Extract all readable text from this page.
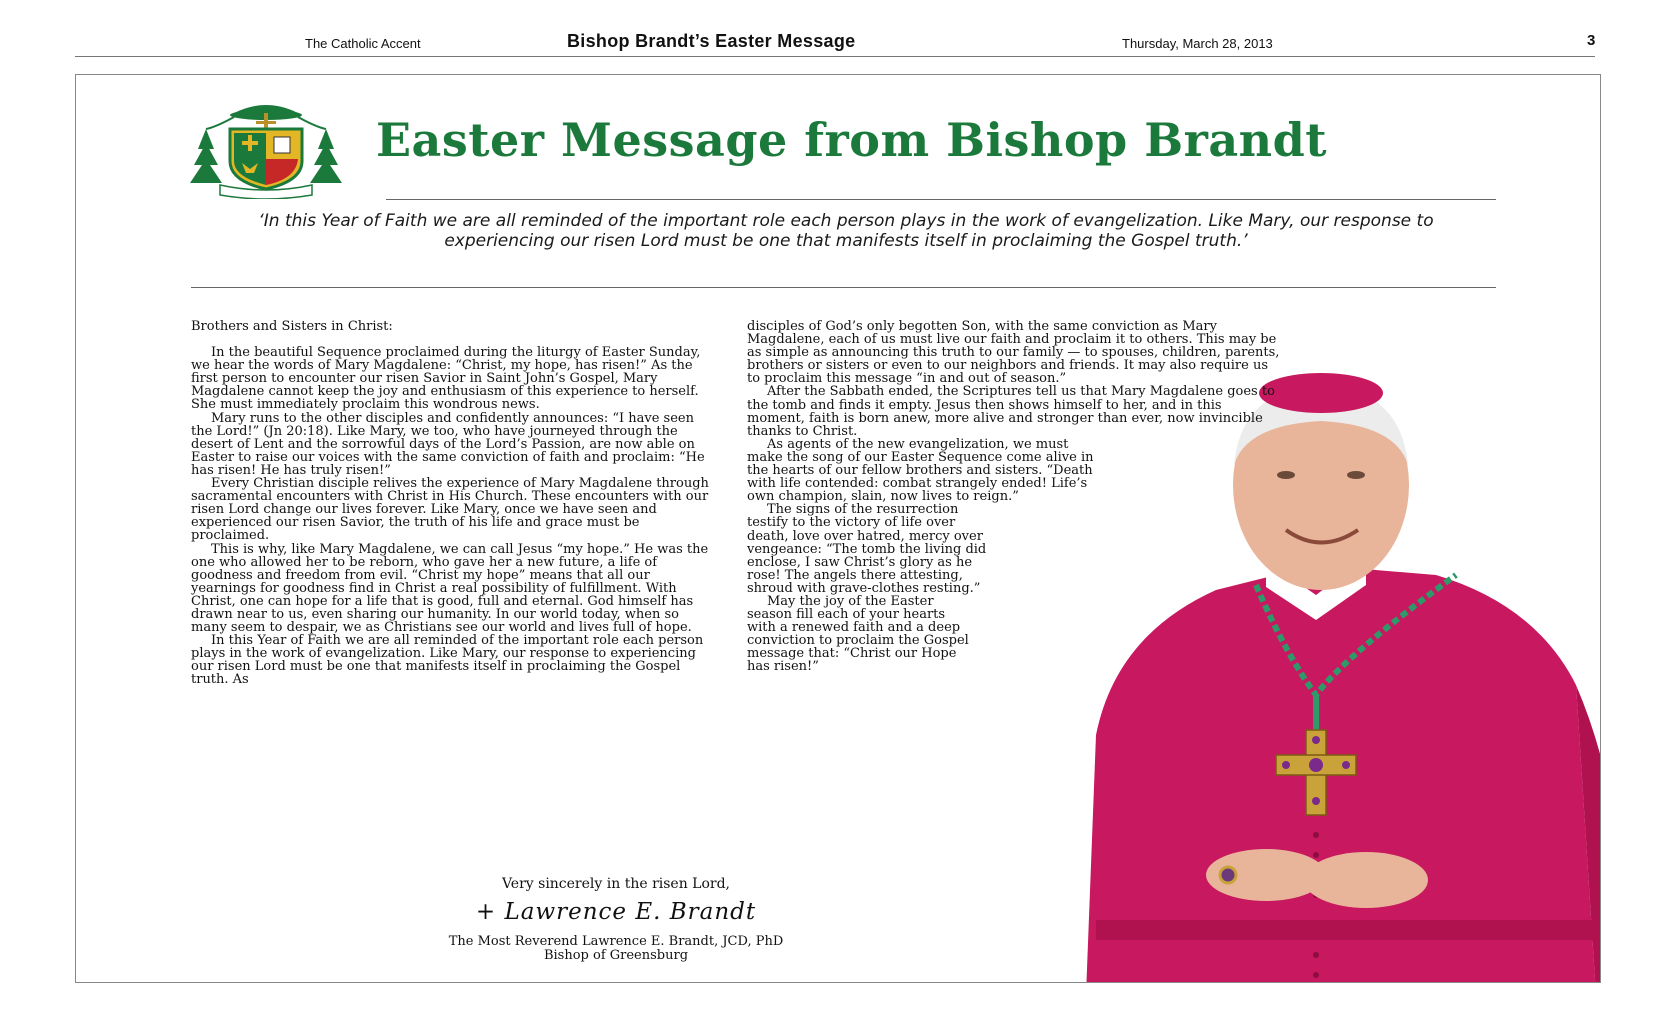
The Catholic Accent	Bishop Brandt’s Easter Message	Thursday, March 28, 2013	3
Easter Message from Bishop Brandt
‘In this Year of Faith we are all reminded of the important role each person plays in the work of evangelization. Like Mary, our response to experiencing our risen Lord must be one that manifests itself in proclaiming the Gospel truth.’

Brothers and Sisters in Christ:

In the beautiful Sequence proclaimed during the liturgy of Easter Sunday, we hear the words of Mary Magdalene: “Christ, my hope, has risen!” As the first person to encounter our risen Savior in Saint John’s Gospel, Mary Magdalene cannot keep the joy and enthusiasm of this experience to herself. She must immediately proclaim this wondrous news.

Mary runs to the other disciples and confidently announces: “I have seen the Lord!” (Jn 20:18). Like Mary, we too, who have journeyed through the desert of Lent and the sorrowful days of the Lord’s Passion, are now able on Easter to raise our voices with the same conviction of faith and proclaim: “He has risen! He has truly risen!”

Every Christian disciple relives the experience of Mary Magdalene through sacramental encounters with Christ in His Church. These encounters with our risen Lord change our lives forever. Like Mary, once we have seen and experienced our risen Savior, the truth of his life and grace must be proclaimed.

This is why, like Mary Magdalene, we can call Jesus “my hope.” He was the one who allowed her to be reborn, who gave her a new future, a life of goodness and freedom from evil. “Christ my hope” means that all our yearnings for goodness find in Christ a real possibility of fulfillment. With Christ, one can hope for a life that is good, full and eternal. God himself has drawn near to us, even sharing our humanity. In our world today, when so many seem to despair, we as Christians see our world and lives full of hope.

In this Year of Faith we are all reminded of the important role each person plays in the work of evangelization. Like Mary, our response to experiencing our risen Lord must be one that manifests itself in proclaiming the Gospel truth. As

disciples of God’s only begotten Son, with the same conviction as Mary Magdalene, each of us must live our faith and proclaim it to others. This may be as simple as announcing this truth to our family — to spouses, children, parents, brothers or sisters or even to our neighbors and friends. It may also require us to proclaim this message “in and out of season.”

After the Sabbath ended, the Scriptures tell us that Mary Magdalene goes to the tomb and finds it empty. Jesus then shows himself to her, and in this moment, faith is born anew, more alive and stronger than ever, now invincible thanks to Christ.

As agents of the new evangelization, we must make the song of our Easter Sequence come alive in the hearts of our fellow brothers and sisters. “Death with life contended: combat strangely ended! Life’s own champion, slain, now lives to reign.”

The signs of the resurrection testify to the victory of life over death, love over hatred, mercy over vengeance: “The tomb the living did enclose, I saw Christ’s glory as he rose! The angels there attesting, shroud with grave-clothes resting.”

May the joy of the Easter season fill each of your hearts with a renewed faith and a deep conviction to proclaim the Gospel message that: “Christ our Hope has risen!”

Very sincerely in the risen Lord,
+ Lawrence E. Brandt
The Most Reverend Lawrence E. Brandt, JCD, PhD
Bishop of Greensburg
